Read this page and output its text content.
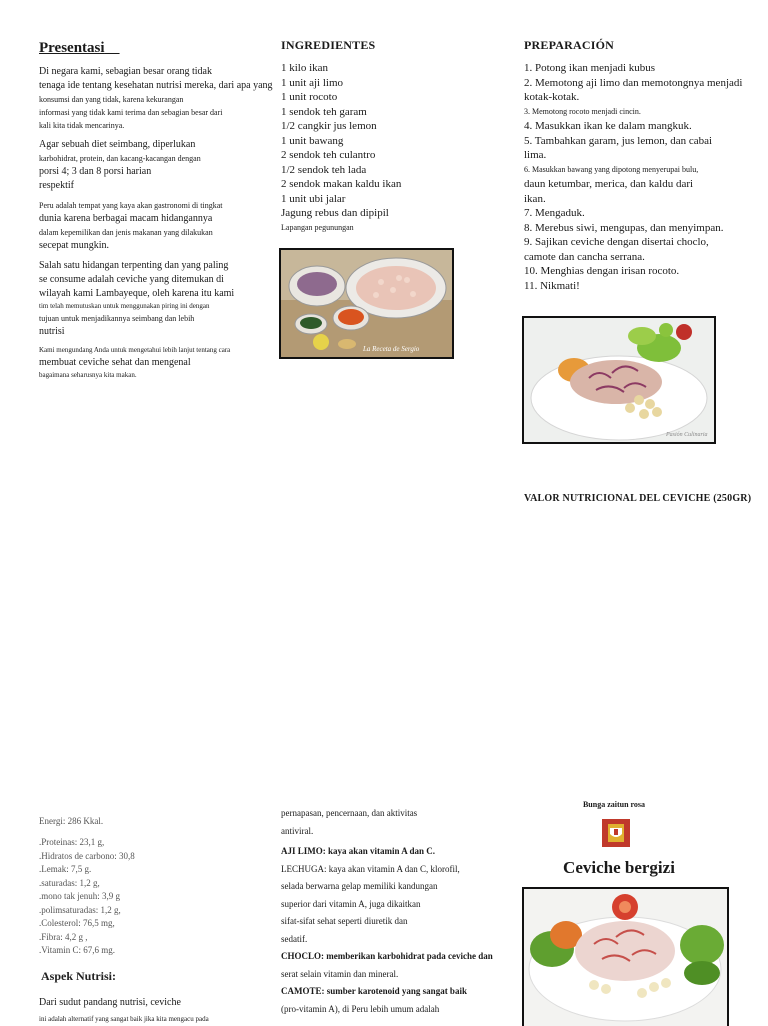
Presentasi
Di negara kami, sebagian besar orang tidak
tenaga ide tentang kesehatan nutrisi mereka, dari apa yang
konsumsi dan yang tidak, karena kekurangan
informasi yang tidak kami terima dan sebagian besar dari
kali kita tidak mencarinya.
Agar sebuah diet seimbang, diperlukan
karbohidrat, protein, dan kacang-kacangan dengan
porsi 4; 3 dan 8 porsi harian
respektif
Peru adalah tempat yang kaya akan gastronomi di tingkat
dunia karena berbagai macam hidangannya
dalam kepemilikan dan jenis makanan yang dilakukan
secepat mungkin.
Salah satu hidangan terpenting dan yang paling
se consume adalah ceviche yang ditemukan di
wilayah kami Lambayeque, oleh karena itu kami
tim telah memutuskan untuk menggunakan piring ini dengan
tujuan untuk menjadikannya seimbang dan lebih
nutrisi
Kami mengundang Anda untuk mengetahui lebih lanjut tentang cara
membuat ceviche sehat dan mengenal
bagaimana seharusnya kita makan.
INGREDIENTES
1 kilo ikan
1 unit aji limo
1 unit rocoto
1 sendok teh garam
1/2 cangkir jus lemon
1 unit bawang
2 sendok teh culantro
1/2 sendok teh lada
2 sendok makan kaldu ikan
1 unit ubi jalar
Jagung rebus dan dipipil
Lapangan pegunungan
La Receta de Sergio
PREPARACIÓN
1. Potong ikan menjadi kubus
2. Memotong aji limo dan memotongnya menjadi
kotak-kotak.
3. Memotong rocoto menjadi cincin.
4. Masukkan ikan ke dalam mangkuk.
5. Tambahkan garam, jus lemon, dan cabai
lima.
6. Masukkan bawang yang dipotong menyerupai bulu,
daun ketumbar, merica, dan kaldu dari
ikan.
7. Mengaduk.
8. Merebus siwi, mengupas, dan menyimpan.
9. Sajikan ceviche dengan disertai choclo,
camote dan cancha serrana.
10. Menghias dengan irisan rocoto.
11. Nikmati!
Pasión Culinaria
VALOR NUTRICIONAL DEL CEVICHE (250GR)
Energi: 286 Kkal.
.Proteinas: 23,1 g,
.Hidratos de carbono: 30,8
.Lemak: 7,5 g.
.saturadas: 1,2 g,
.mono tak jenuh: 3,9 g
.polimsaturadas: 1,2 g,
.Colesterol: 76,5 mg,
.Fibra: 4,2 g ,
.Vitamin C: 67,6 mg.
Aspek Nutrisi:
Dari sudut pandang nutrisi, ceviche
ini adalah alternatif yang sangat baik jika kita mengacu pada
pernapasan, pencernaan, dan aktivitas
antiviral.
AJI LIMO: kaya akan vitamin A dan C.
LECHUGA: kaya akan vitamin A dan C, klorofil,
selada berwarna gelap memiliki kandungan
superior dari vitamin A, juga dikaitkan
sifat-sifat sehat seperti diuretik dan
sedatif.
CHOCLO: memberikan karbohidrat pada ceviche dan
serat selain vitamin dan mineral.
CAMOTE: sumber karotenoid yang sangat baik
(pro-vitamin A), di Peru lebih umum adalah
Bunga zaitun rosa
Ceviche bergizi
